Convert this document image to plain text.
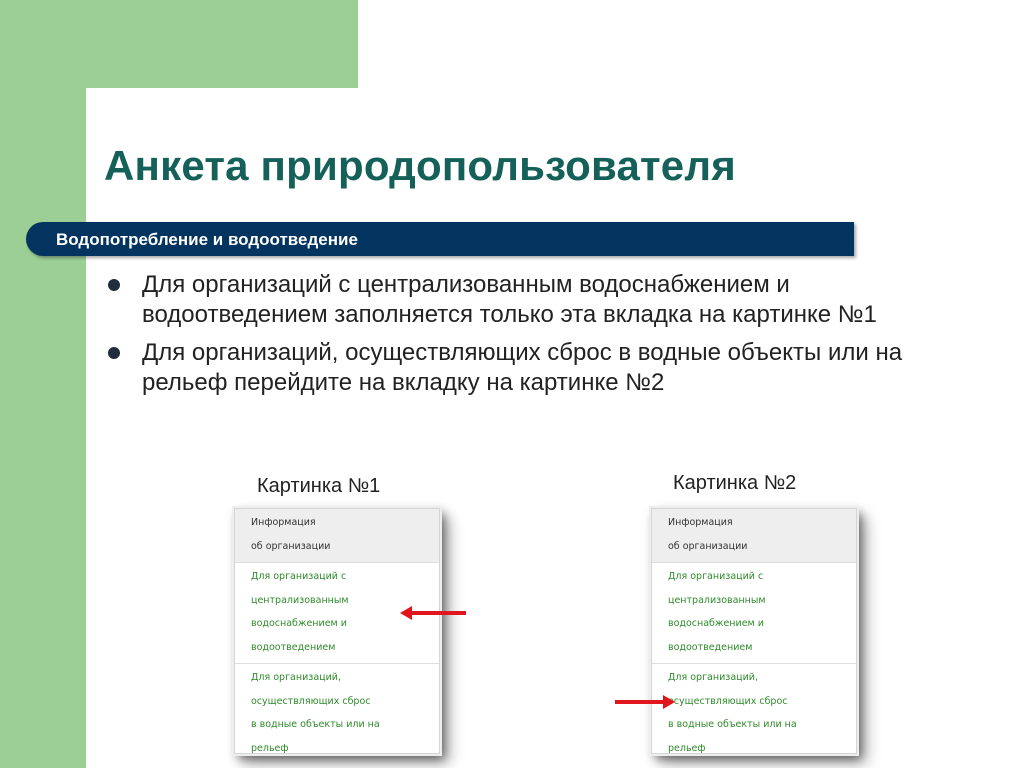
Анкета природопользователя
Водопотребление и водоотведение
Для организаций с централизованным водоснабжением и водоотведением заполняется только эта вкладка на картинке №1
Для организаций, осуществляющих сброс в водные объекты или на рельеф перейдите на вкладку на картинке №2
Картинка №1	Картинка №2
Информация
об организации
Для организаций с
централизованным
водоснабжением и
водоотведением
Для организаций,
осуществляющих сброс
в водные объекты или на
рельеф
Информация
об организации
Для организаций с
централизованным
водоснабжением и
водоотведением
Для организаций,
осуществляющих сброс
в водные объекты или на
рельеф
